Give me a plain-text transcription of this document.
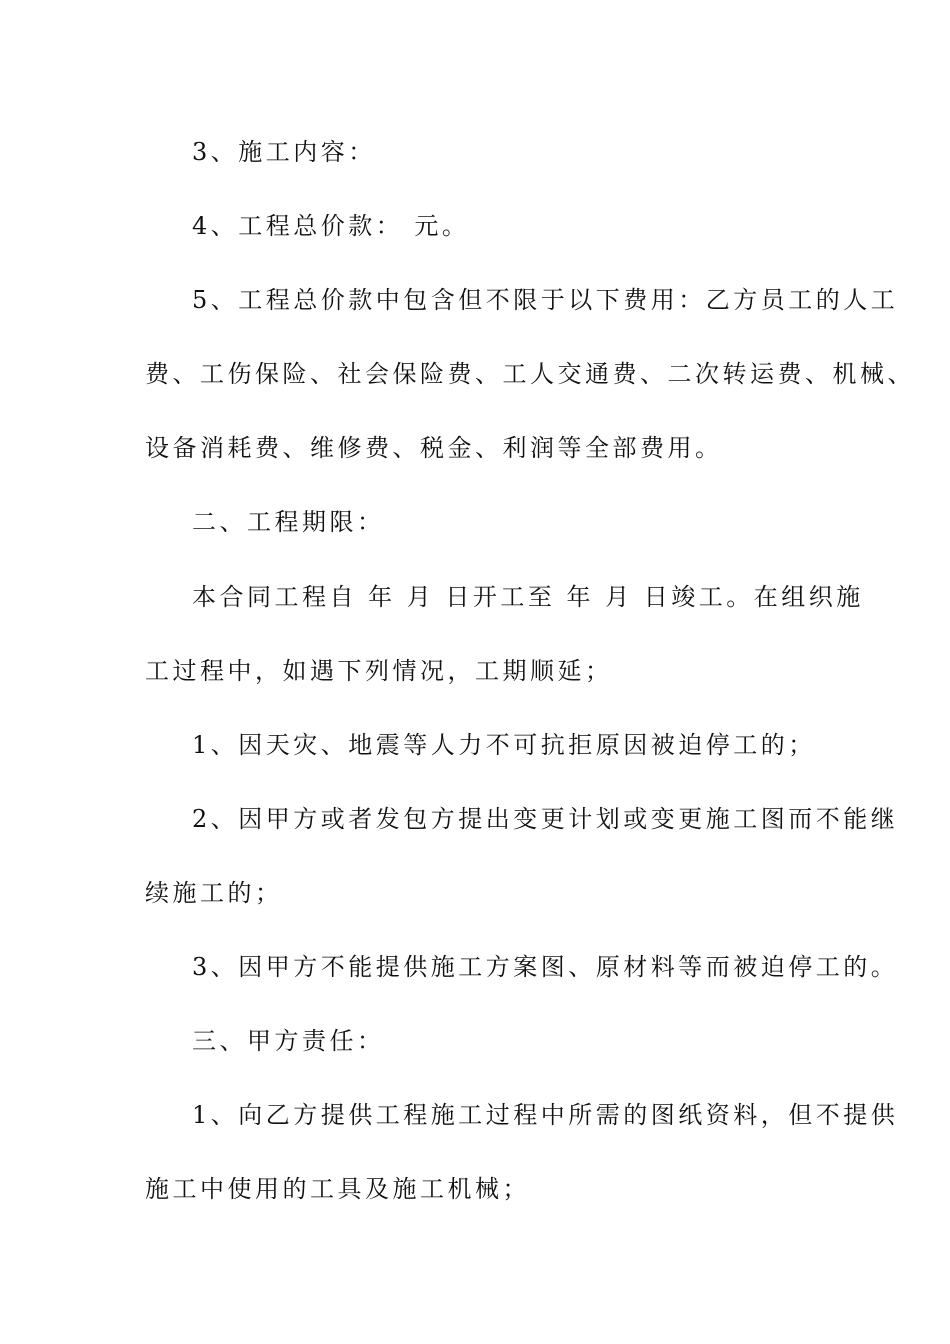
3、施工内容：
4、工程总价款： 元。
5、工程总价款中包含但不限于以下费用：乙方员工的人工
费、工伤保险、社会保险费、工人交通费、二次转运费、机械、
设备消耗费、维修费、税金、利润等全部费用。
二、工程期限：
本合同工程自 年 月 日开工至 年 月 日竣工。在组织施
工过程中，如遇下列情况，工期顺延；
1、因天灾、地震等人力不可抗拒原因被迫停工的；
2、因甲方或者发包方提出变更计划或变更施工图而不能继
续施工的；
3、因甲方不能提供施工方案图、原材料等而被迫停工的。
三、甲方责任：
1、向乙方提供工程施工过程中所需的图纸资料，但不提供
施工中使用的工具及施工机械；
